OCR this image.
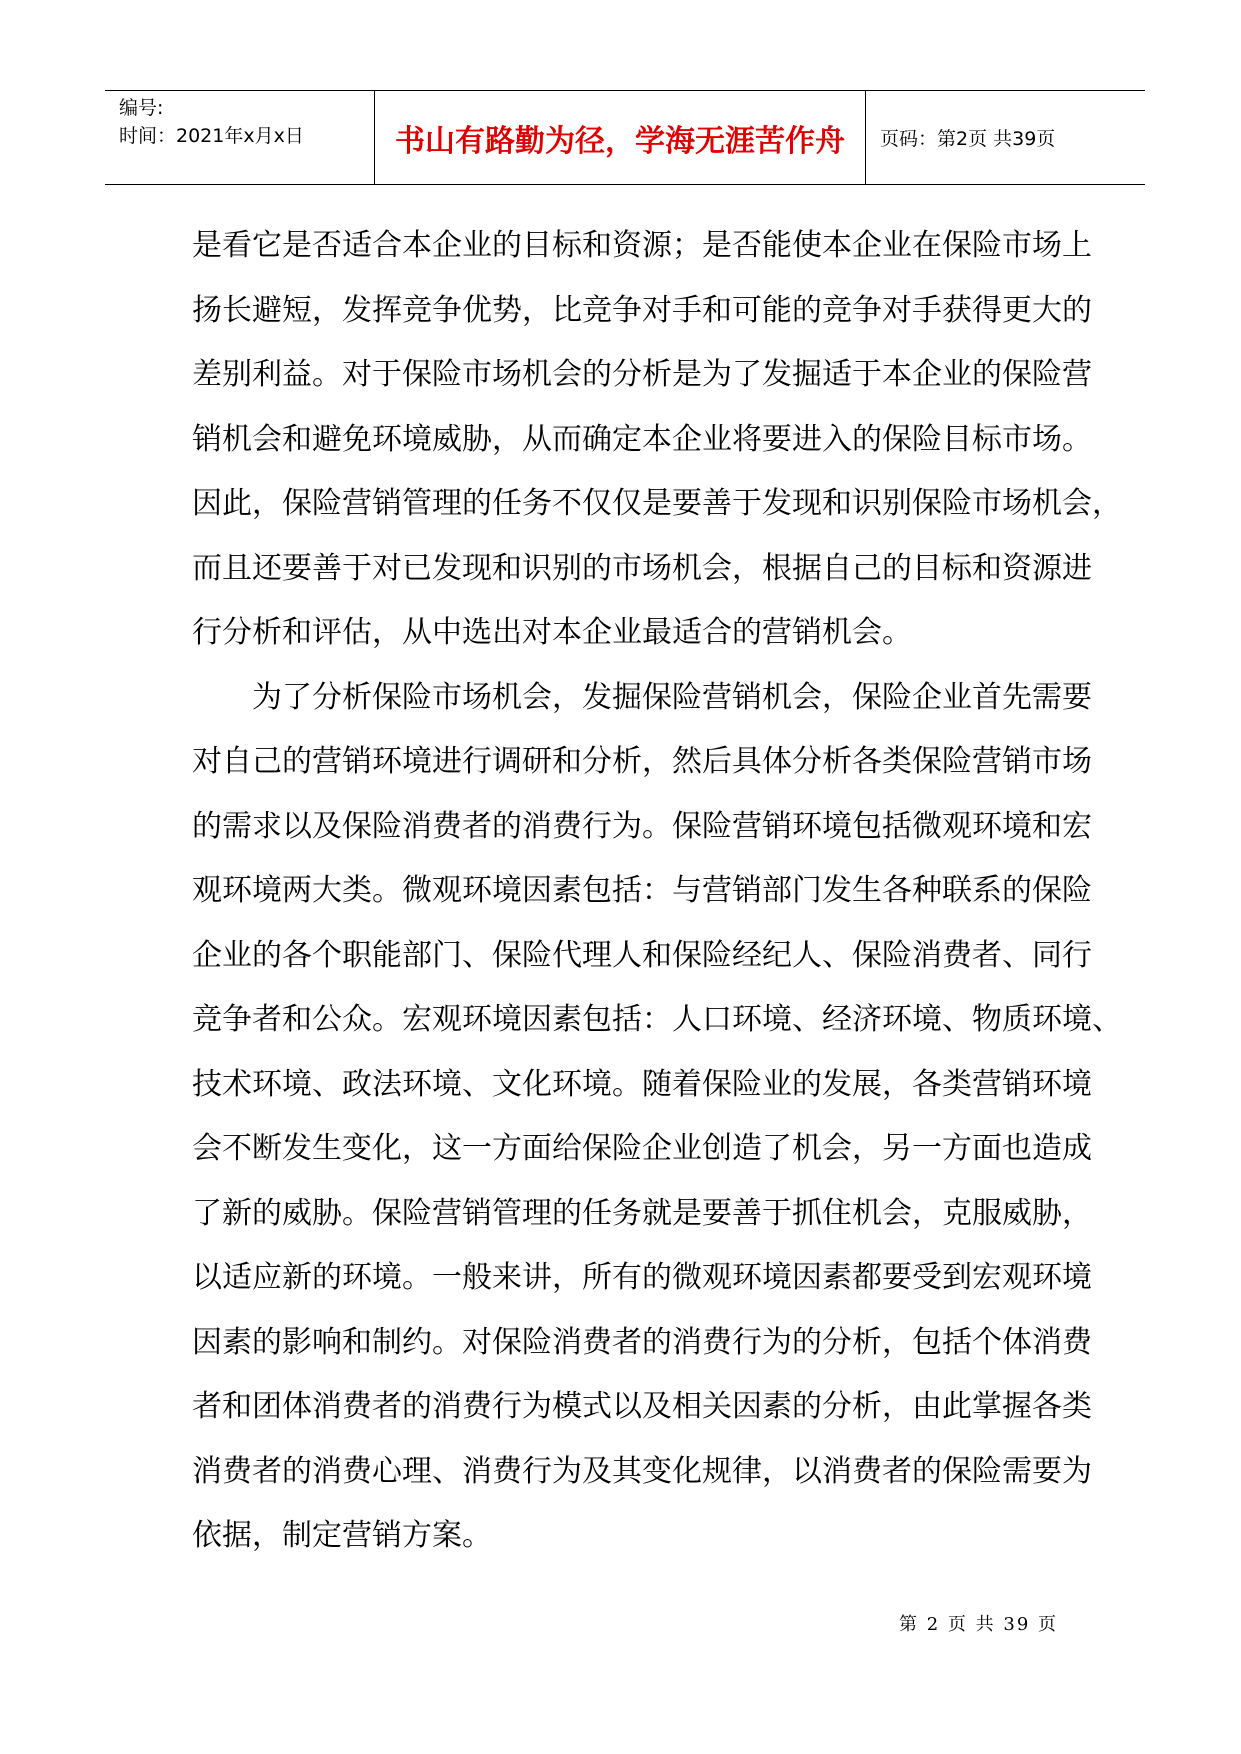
编号:
时间：2021年x月x日	书山有路勤为径，学海无涯苦作舟	页码：第2页 共39页
是看它是否适合本企业的目标和资源；是否能使本企业在保险市场上
扬长避短，发挥竞争优势，比竞争对手和可能的竞争对手获得更大的
差别利益。对于保险市场机会的分析是为了发掘适于本企业的保险营
销机会和避免环境威胁，从而确定本企业将要进入的保险目标市场。
因此，保险营销管理的任务不仅仅是要善于发现和识别保险市场机会，
而且还要善于对已发现和识别的市场机会，根据自己的目标和资源进
行分析和评估，从中选出对本企业最适合的营销机会。
为了分析保险市场机会，发掘保险营销机会，保险企业首先需要
对自己的营销环境进行调研和分析，然后具体分析各类保险营销市场
的需求以及保险消费者的消费行为。保险营销环境包括微观环境和宏
观环境两大类。微观环境因素包括：与营销部门发生各种联系的保险
企业的各个职能部门、保险代理人和保险经纪人、保险消费者、同行
竞争者和公众。宏观环境因素包括：人口环境、经济环境、物质环境、
技术环境、政法环境、文化环境。随着保险业的发展，各类营销环境
会不断发生变化，这一方面给保险企业创造了机会，另一方面也造成
了新的威胁。保险营销管理的任务就是要善于抓住机会，克服威胁，
以适应新的环境。一般来讲，所有的微观环境因素都要受到宏观环境
因素的影响和制约。对保险消费者的消费行为的分析，包括个体消费
者和团体消费者的消费行为模式以及相关因素的分析，由此掌握各类
消费者的消费心理、消费行为及其变化规律，以消费者的保险需要为
依据，制定营销方案。
第 2 页 共 39 页
